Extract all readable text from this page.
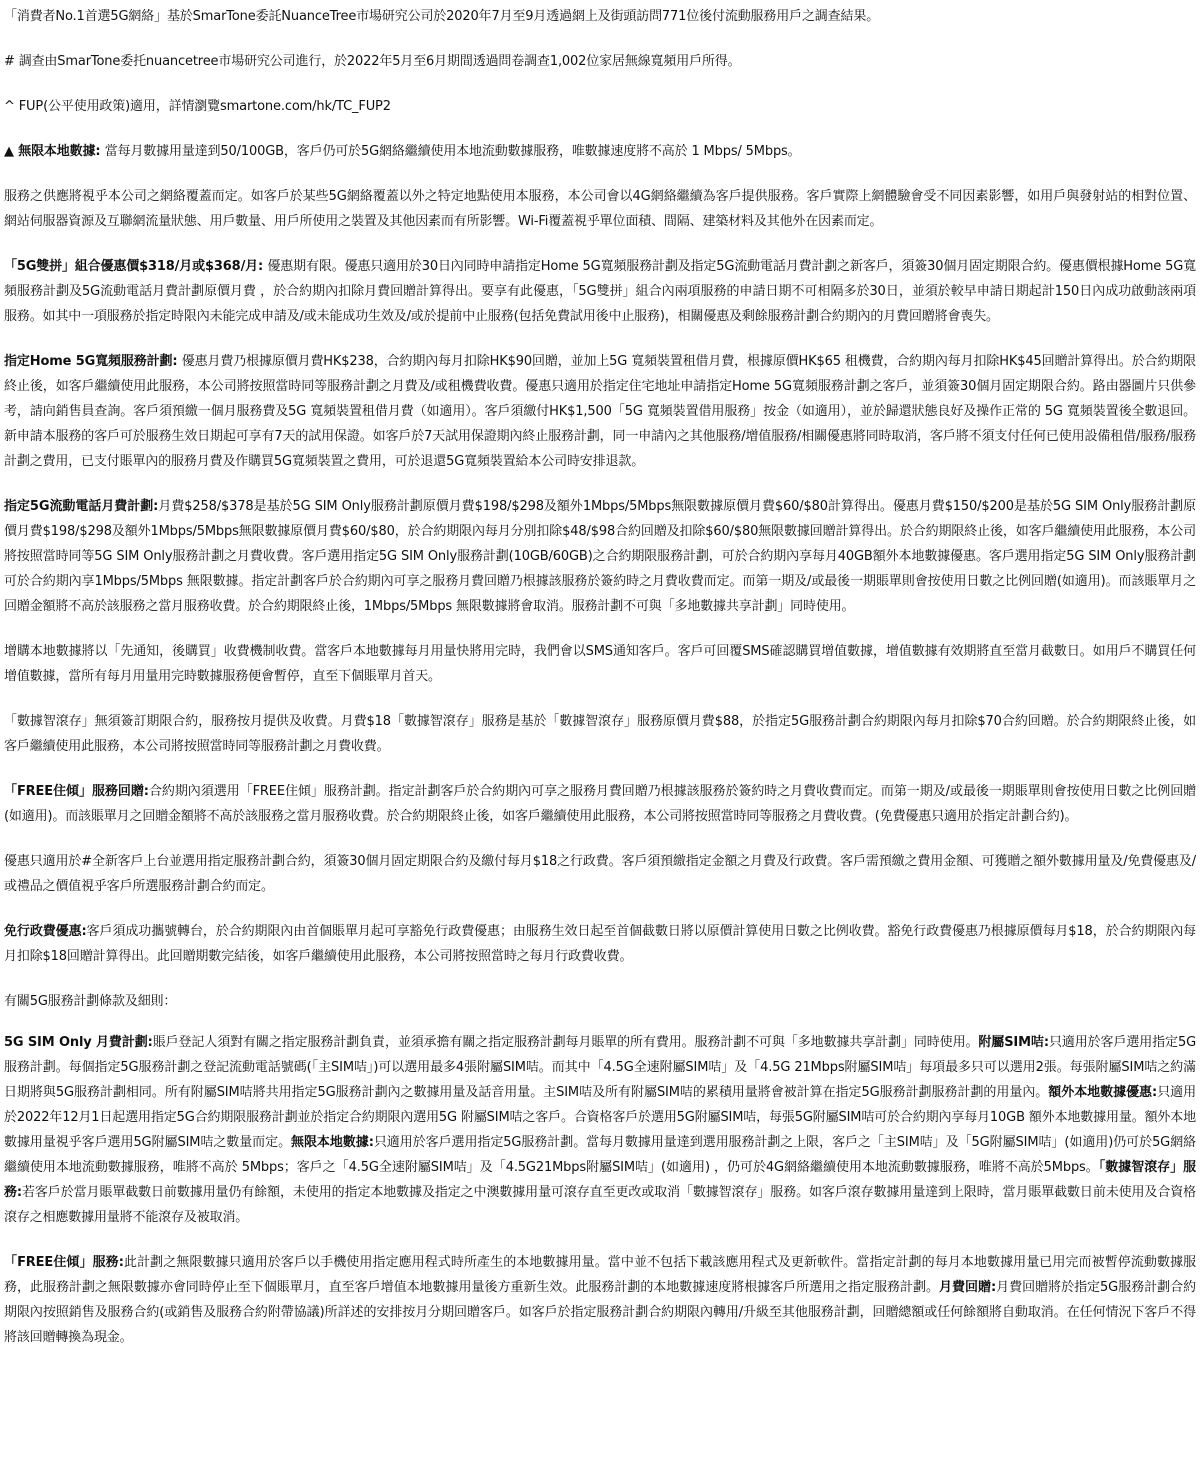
「消費者No.1首選5G網絡」基於SmarTone委託NuanceTree市場研究公司於2020年7月至9月透過網上及街頭訪問771位後付流動服務用戶之調查結果。

# 調查由SmarTone委托nuancetree市場研究公司進行，於2022年5月至6月期間透過問卷調查1,002位家居無線寬頻用戶所得。

^ FUP(公平使用政策)適用，詳情瀏覽smartone.com/hk/TC_FUP2

▲ 無限本地數據: 當每月數據用量達到50/100GB，客戶仍可於5G網絡繼續使用本地流動數據服務，唯數據速度將不高於 1 Mbps/ 5Mbps。

服務之供應將視乎本公司之網絡覆蓋而定。如客戶於某些5G網絡覆蓋以外之特定地點使用本服務，本公司會以4G網絡繼續為客戶提供服務。客戶實際上網體驗會受不同因素影響，如用戶與發射站的相對位置、網站伺服器資源及互聯網流量狀態、用戶數量、用戶所使用之裝置及其他因素而有所影響。Wi-Fi覆蓋視乎單位面積、間隔、建築材料及其他外在因素而定。

「5G雙拼」組合優惠價$318/月或$368/月: 優惠期有限。優惠只適用於30日內同時申請指定Home 5G寬頻服務計劃及指定5G流動電話月費計劃之新客戶，須簽30個月固定期限合約。優惠價根據Home 5G寬頻服務計劃及5G流動電話月費計劃原價月費 ，於合約期內扣除月費回贈計算得出。要享有此優惠，「5G雙拼」組合內兩項服務的申請日期不可相隔多於30日，並須於較早申請日期起計150日內成功啟動該兩項服務。如其中一項服務於指定時限內未能完成申請及/或未能成功生效及/或於提前中止服務(包括免費試用後中止服務)，相關優惠及剩餘服務計劃合約期內的月費回贈將會喪失。

指定Home 5G寬頻服務計劃: 優惠月費乃根據原價月費HK$238，合約期內每月扣除HK$90回贈，並加上5G 寬頻裝置租借月費，根據原價HK$65 租機費，合約期內每月扣除HK$45回贈計算得出。於合約期限終止後，如客戶繼續使用此服務，本公司將按照當時同等服務計劃之月費及/或租機費收費。優惠只適用於指定住宅地址申請指定Home 5G寬頻服務計劃之客戶，並須簽30個月固定期限合約。路由器圖片只供參考，請向銷售員查詢。客戶須預繳一個月服務費及5G 寬頻裝置租借月費（如適用）。客戶須繳付HK$1,500「5G 寬頻裝置借用服務」按金（如適用），並於歸還狀態良好及操作正常的 5G 寬頻裝置後全數退回。新申請本服務的客戶可於服務生效日期起可享有7天的試用保證。如客戶於7天試用保證期內終止服務計劃，同一申請內之其他服務/增值服務/相關優惠將同時取消，客戶將不須支付任何已使用設備租借/服務/服務計劃之費用，已支付賬單內的服務月費及作購買5G寬頻裝置之費用，可於退還5G寬頻裝置給本公司時安排退款。

指定5G流動電話月費計劃:月費$258/$378是基於5G SIM Only服務計劃原價月費$198/$298及額外1Mbps/5Mbps無限數據原價月費$60/$80計算得出。優惠月費$150/$200是基於5G SIM Only服務計劃原價月費$198/$298及額外1Mbps/5Mbps無限數據原價月費$60/$80，於合約期限內每月分別扣除$48/$98合約回贈及扣除$60/$80無限數據回贈計算得出。於合約期限終止後，如客戶繼續使用此服務，本公司將按照當時同等5G SIM Only服務計劃之月費收費。客戶選用指定5G SIM Only服務計劃(10GB/60GB)之合約期限服務計劃，可於合約期內享每月40GB額外本地數據優惠。客戶選用指定5G SIM Only服務計劃可於合約期內享1Mbps/5Mbps 無限數據。指定計劃客戶於合約期內可享之服務月費回贈乃根據該服務於簽約時之月費收費而定。而第一期及/或最後一期賬單則會按使用日數之比例回贈(如適用)。而該賬單月之回贈金額將不高於該服務之當月服務收費。於合約期限終止後，1Mbps/5Mbps 無限數據將會取消。服務計劃不可與「多地數據共享計劃」同時使用。

增購本地數據將以「先通知，後購買」收費機制收費。當客戶本地數據每月用量快將用完時，我們會以SMS通知客戶。客戶可回覆SMS確認購買增值數據，增值數據有效期將直至當月截數日。如用戶不購買任何增值數據，當所有每月用量用完時數據服務便會暫停，直至下個賬單月首天。

「數據智滾存」無須簽訂期限合約，服務按月提供及收費。月費$18「數據智滾存」服務是基於「數據智滾存」服務原價月費$88，於指定5G服務計劃合約期限內每月扣除$70合約回贈。於合約期限終止後，如客戶繼續使用此服務，本公司將按照當時同等服務計劃之月費收費。

「FREE住傾」服務回贈:合約期內須選用「FREE住傾」服務計劃。指定計劃客戶於合約期內可享之服務月費回贈乃根據該服務於簽約時之月費收費而定。而第一期及/或最後一期賬單則會按使用日數之比例回贈(如適用)。而該賬單月之回贈金額將不高於該服務之當月服務收費。於合約期限終止後，如客戶繼續使用此服務，本公司將按照當時同等服務之月費收費。(免費優惠只適用於指定計劃合約)。

優惠只適用於#全新客戶上台並選用指定服務計劃合約，須簽30個月固定期限合約及繳付每月$18之行政費。客戶須預繳指定金額之月費及行政費。客戶需預繳之費用金額、可獲贈之額外數據用量及/免費優惠及/或禮品之價值視乎客戶所選服務計劃合約而定。

免行政費優惠:客戶須成功攜號轉台，於合約期限內由首個賬單月起可享豁免行政費優惠；由服務生效日起至首個截數日將以原價計算使用日數之比例收費。豁免行政費優惠乃根據原價每月$18，於合約期限內每月扣除$18回贈計算得出。此回贈期數完結後，如客戶繼續使用此服務，本公司將按照當時之每月行政費收費。

有關5G服務計劃條款及細則：

5G SIM Only 月費計劃:賬戶登記人須對有關之指定服務計劃負責，並須承擔有關之指定服務計劃每月賬單的所有費用。服務計劃不可與「多地數據共享計劃」同時使用。附屬SIM咭:只適用於客戶選用指定5G服務計劃。每個指定5G服務計劃之登記流動電話號碼(「主SIM咭」)可以選用最多4張附屬SIM咭。而其中「4.5G全速附屬SIM咭」及「4.5G 21Mbps附屬SIM咭」每項最多只可以選用2張。每張附屬SIM咭之約滿日期將與5G服務計劃相同。所有附屬SIM咭將共用指定5G服務計劃內之數據用量及話音用量。主SIM咭及所有附屬SIM咭的累積用量將會被計算在指定5G服務計劃服務計劃的用量內。額外本地數據優惠:只適用於2022年12月1日起選用指定5G合約期限服務計劃並於指定合約期限內選用5G 附屬SIM咭之客戶。合資格客戶於選用5G附屬SIM咭，每張5G附屬SIM咭可於合約期內享每月10GB 額外本地數據用量。額外本地數據用量視乎客戶選用5G附屬SIM咭之數量而定。無限本地數據:只適用於客戶選用指定5G服務計劃。當每月數據用量達到選用服務計劃之上限，客戶之「主SIM咭」及「5G附屬SIM咭」(如適用)仍可於5G網絡繼續使用本地流動數據服務，唯將不高於 5Mbps；客戶之「4.5G全速附屬SIM咭」及「4.5G21Mbps附屬SIM咭」(如適用) ，仍可於4G網絡繼續使用本地流動數據服務，唯將不高於5Mbps。「數據智滾存」服務:若客戶於當月賬單截數日前數據用量仍有餘額，未使用的指定本地數據及指定之中澳數據用量可滾存直至更改或取消「數據智滾存」服務。如客戶滾存數據用量達到上限時，當月賬單截數日前未使用及合資格滾存之相應數據用量將不能滾存及被取消。

「FREE住傾」服務:此計劃之無限數據只適用於客戶以手機使用指定應用程式時所產生的本地數據用量。當中並不包括下載該應用程式及更新軟件。當指定計劃的每月本地數據用量已用完而被暫停流動數據服務，此服務計劃之無限數據亦會同時停止至下個賬單月，直至客戶增值本地數據用量後方重新生效。此服務計劃的本地數據速度將根據客戶所選用之指定服務計劃。月費回贈:月費回贈將於指定5G服務計劃合約期限內按照銷售及服務合約(或銷售及服務合約附帶協議)所詳述的安排按月分期回贈客戶。如客戶於指定服務計劃合約期限內轉用/升級至其他服務計劃，回贈總額或任何餘額將自動取消。在任何情況下客戶不得將該回贈轉換為現金。
